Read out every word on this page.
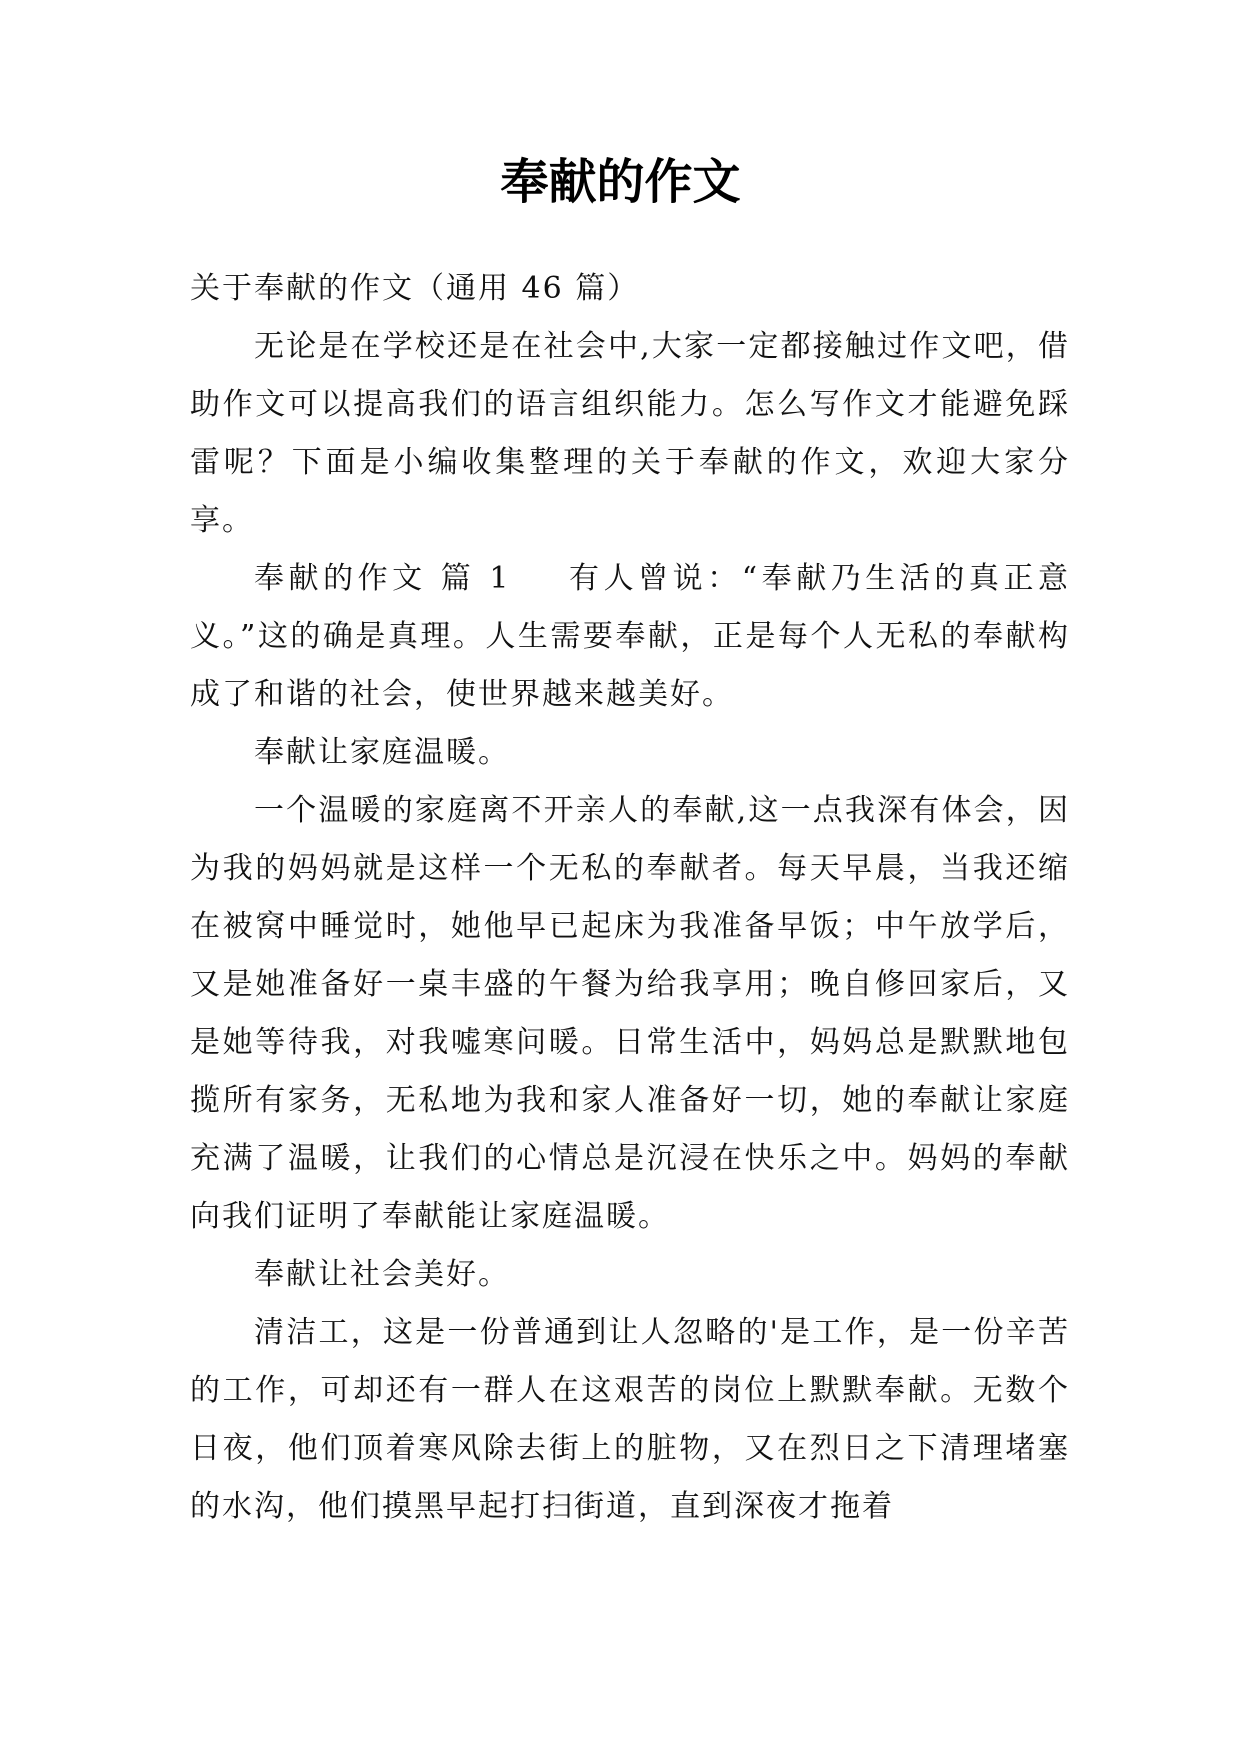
奉献的作文

关于奉献的作文（通用 46 篇）

无论是在学校还是在社会中,大家一定都接触过作文吧，借助作文可以提高我们的语言组织能力。怎么写作文才能避免踩雷呢？下面是小编收集整理的关于奉献的作文，欢迎大家分享。

奉献的作文 篇 1 有人曾说：“奉献乃生活的真正意义。”这的确是真理。人生需要奉献，正是每个人无私的奉献构成了和谐的社会，使世界越来越美好。

奉献让家庭温暖。

一个温暖的家庭离不开亲人的奉献,这一点我深有体会，因为我的妈妈就是这样一个无私的奉献者。每天早晨，当我还缩在被窝中睡觉时，她他早已起床为我准备早饭；中午放学后，又是她准备好一桌丰盛的午餐为给我享用；晚自修回家后，又是她等待我，对我嘘寒问暖。日常生活中，妈妈总是默默地包揽所有家务，无私地为我和家人准备好一切，她的奉献让家庭充满了温暖，让我们的心情总是沉浸在快乐之中。妈妈的奉献向我们证明了奉献能让家庭温暖。

奉献让社会美好。

清洁工，这是一份普通到让人忽略的'是工作，是一份辛苦的工作，可却还有一群人在这艰苦的岗位上默默奉献。无数个日夜，他们顶着寒风除去街上的脏物，又在烈日之下清理堵塞的水沟，他们摸黑早起打扫街道，直到深夜才拖着
